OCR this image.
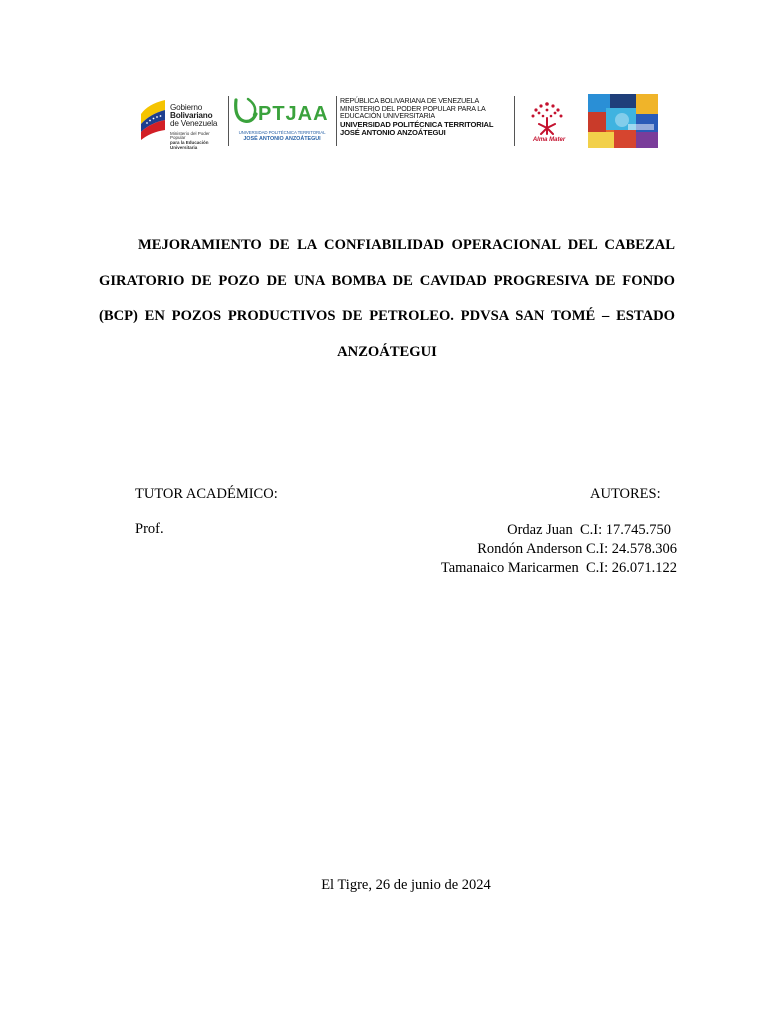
Gobierno
Bolivariano
de Venezuela
Ministerio del Poder Popular
para la Educación Universitaria
PTJAA
UNIVERSIDAD POLITÉCNICA TERRITORIAL
JOSÉ ANTONIO ANZOÁTEGUI
REPÚBLICA BOLIVARIANA DE VENEZUELA
MINISTERIO DEL PODER POPULAR PARA LA
EDUCACIÓN UNIVERSITARIA
UNIVERSIDAD POLITÉCNICA TERRITORIAL
JOSÉ ANTONIO ANZOÁTEGUI
Alma Mater
MEJORAMIENTO DE LA CONFIABILIDAD OPERACIONAL DEL CABEZAL GIRATORIO DE POZO DE UNA BOMBA DE CAVIDAD PROGRESIVA DE FONDO (BCP) EN POZOS PRODUCTIVOS DE PETROLEO. PDVSA SAN TOMÉ – ESTADO ANZOÁTEGUI
TUTOR ACADÉMICO:	AUTORES:
Prof.	Ordaz Juan  C.I: 17.745.750
Rondón Anderson C.I: 24.578.306
Tamanaico Maricarmen  C.I: 26.071.122
El Tigre, 26 de junio de 2024
